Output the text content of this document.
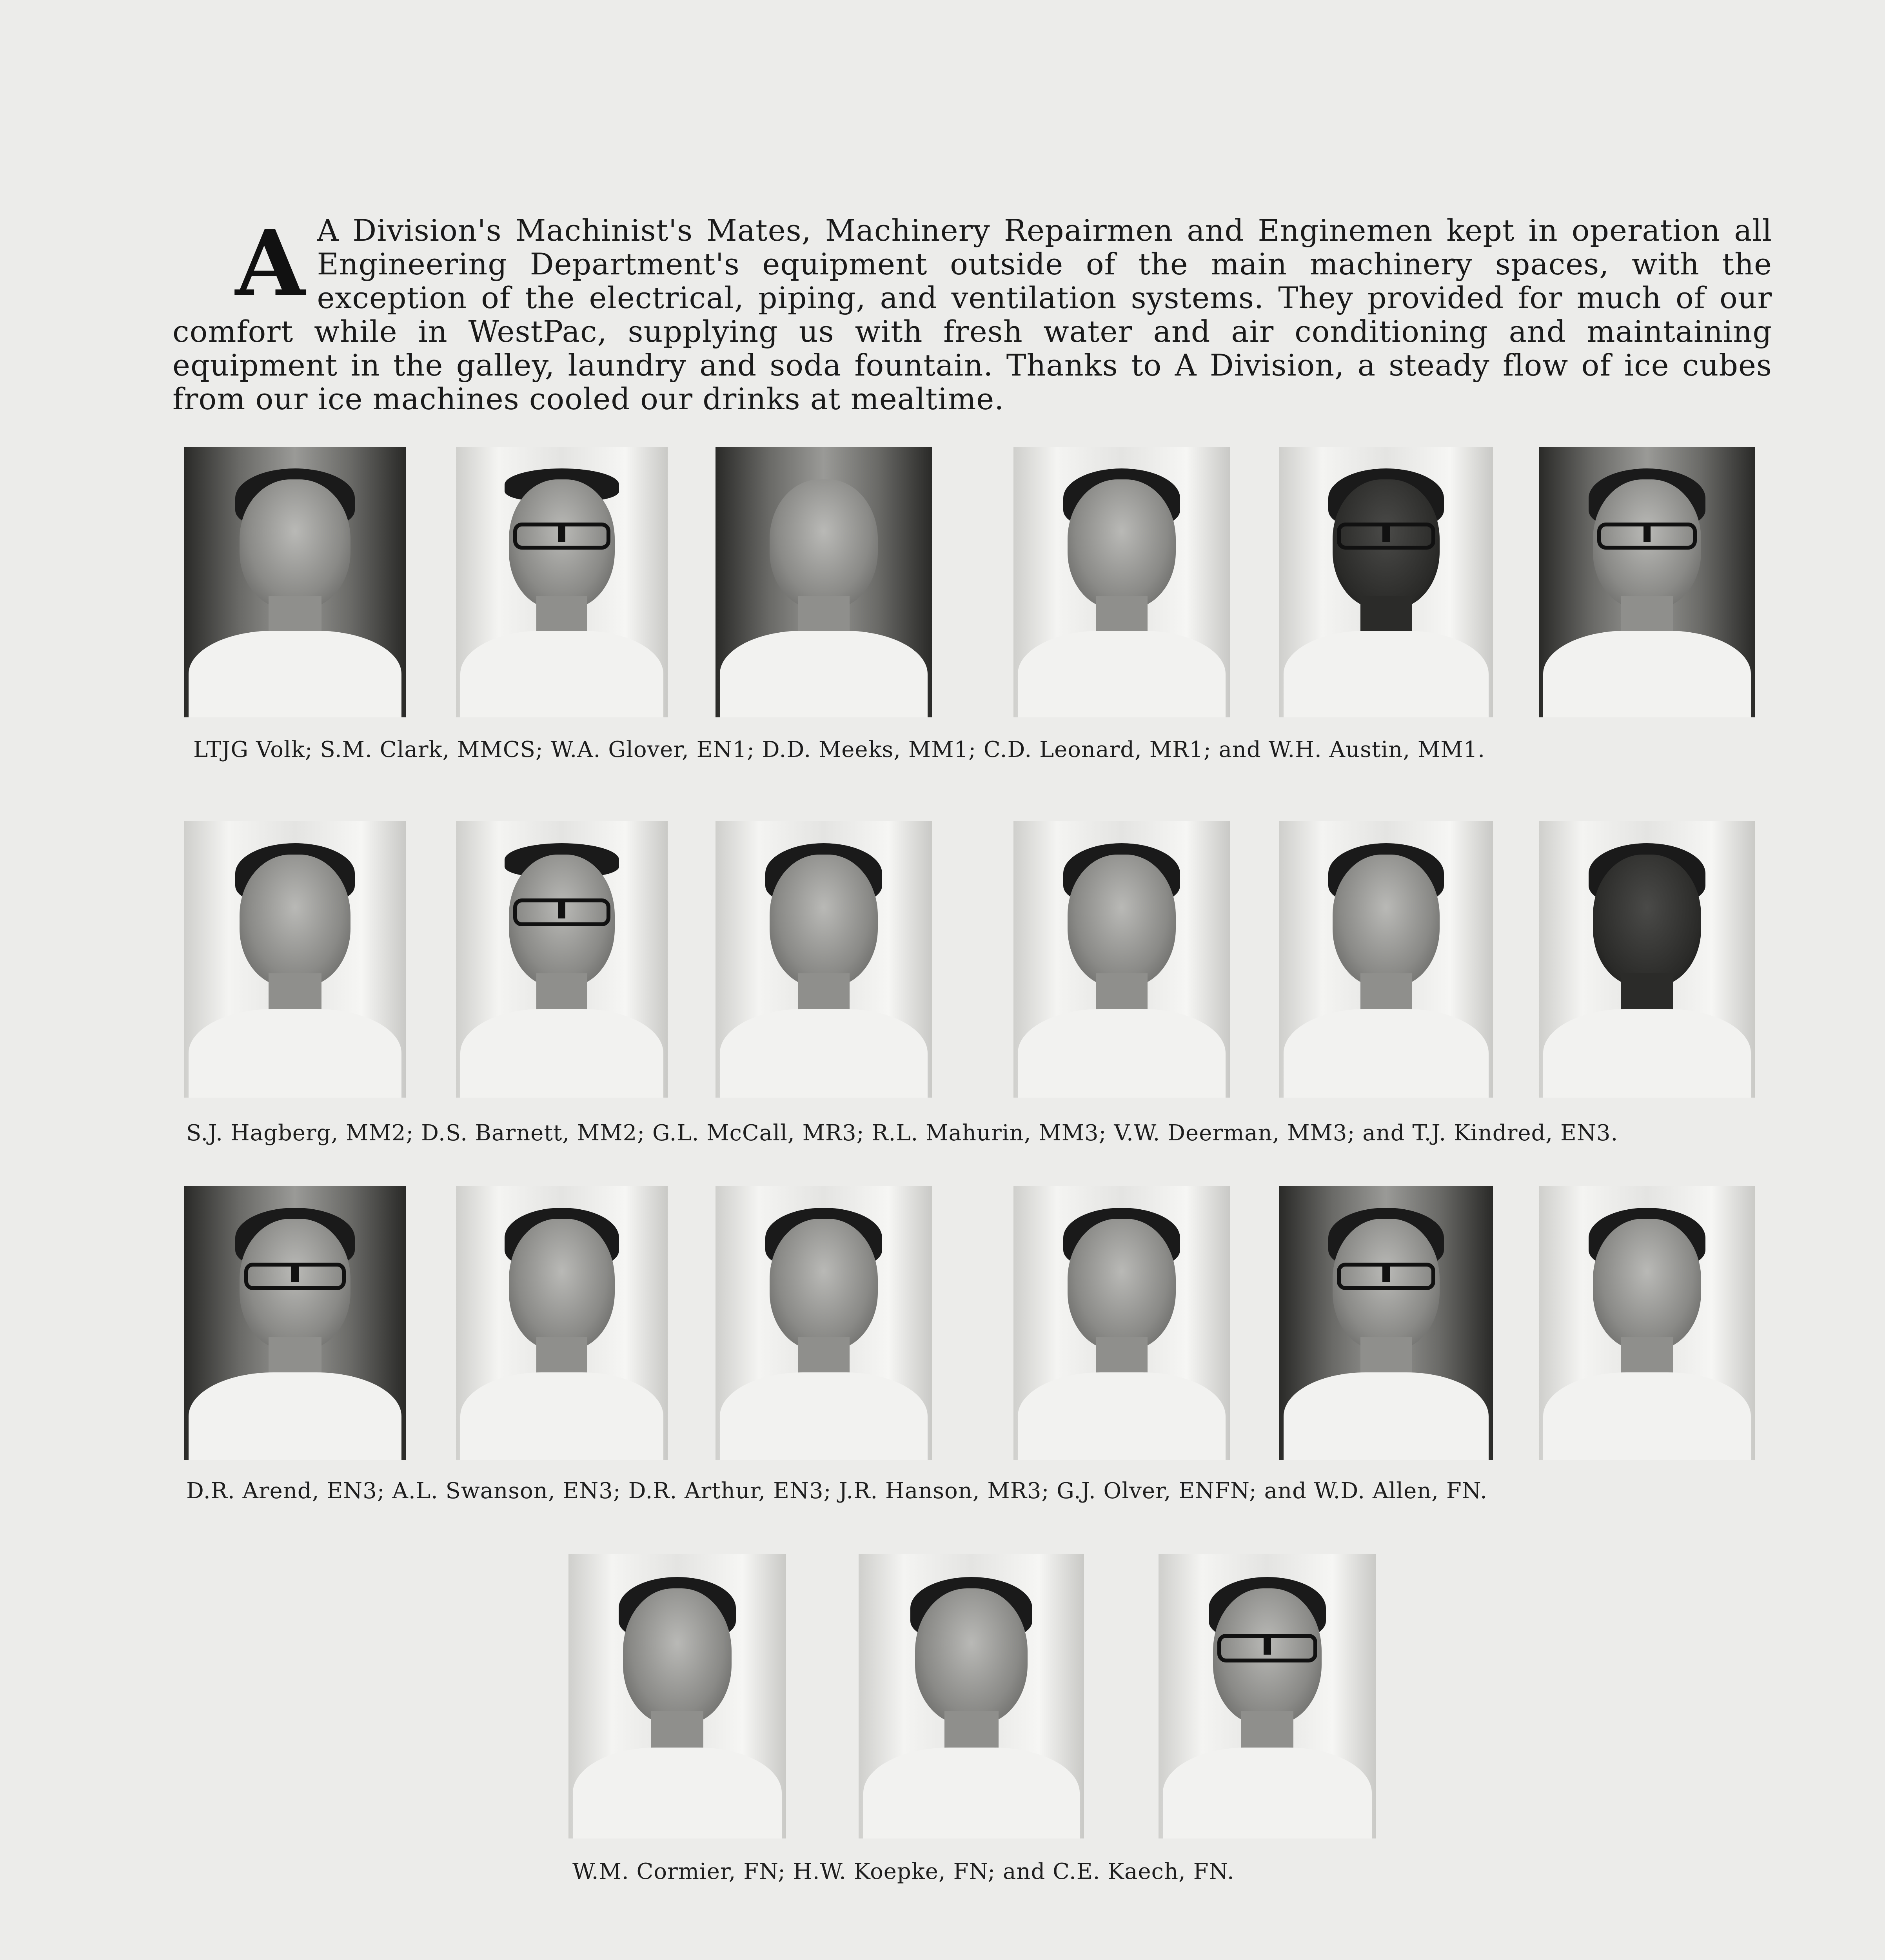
A A Division's Machinist's Mates, Machinery Repairmen and Enginemen kept in operation all Engineering Department's equipment outside of the main machinery spaces, with the exception of the electrical, piping, and ventilation systems. They provided for much of our comfort while in WestPac, supplying us with fresh water and air conditioning and maintaining equipment in the galley, laundry and soda fountain. Thanks to A Division, a steady flow of ice cubes from our ice machines cooled our drinks at mealtime.

LTJG Volk; S.M. Clark, MMCS; W.A. Glover, EN1; D.D. Meeks, MM1; C.D. Leonard, MR1; and W.H. Austin, MM1.
S.J. Hagberg, MM2; D.S. Barnett, MM2; G.L. McCall, MR3; R.L. Mahurin, MM3; V.W. Deerman, MM3; and T.J. Kindred, EN3.
D.R. Arend, EN3; A.L. Swanson, EN3; D.R. Arthur, EN3; J.R. Hanson, MR3; G.J. Olver, ENFN; and W.D. Allen, FN.
W.M. Cormier, FN; H.W. Koepke, FN; and C.E. Kaech, FN.
